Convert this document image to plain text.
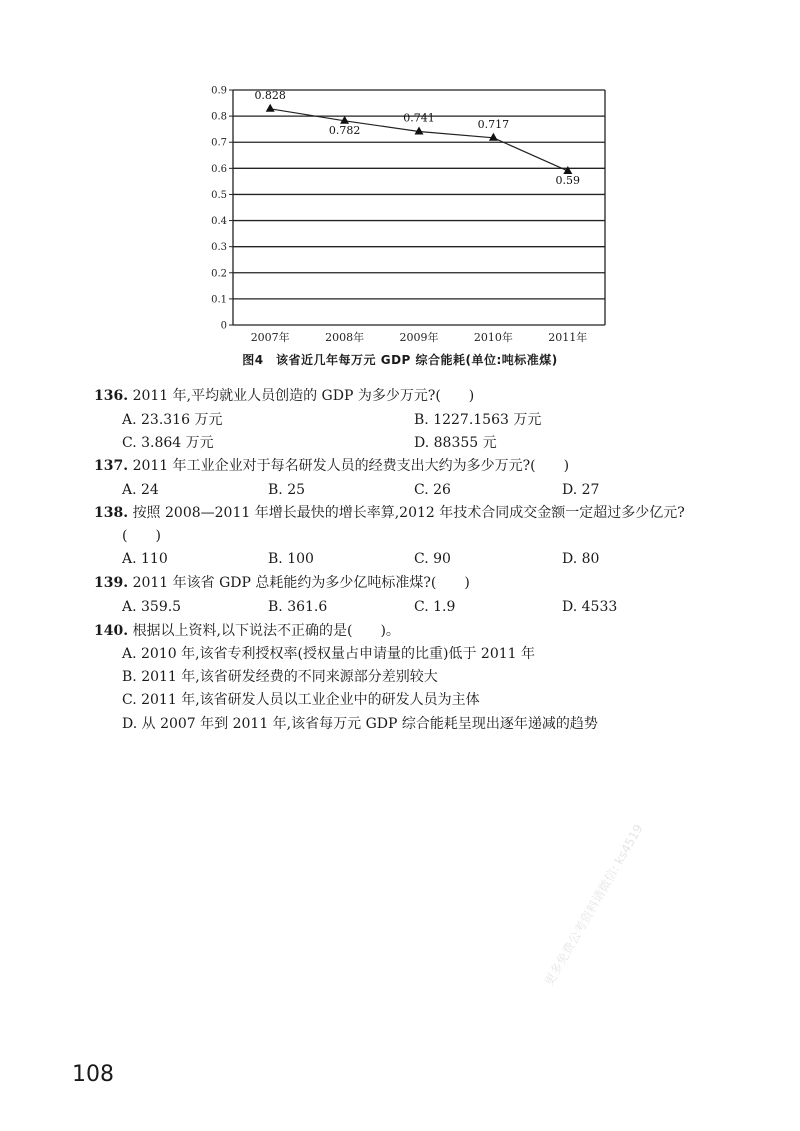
0
0.1
0.2
0.3
0.4
0.5
0.6
0.7
0.8
0.9
2007年	2008年	2009年	2010年	2011年
0.828
0.782
0.741	0.717
0.59
图4　该省近几年每万元 GDP 综合能耗(单位:吨标准煤)
136. 2011 年,平均就业人员创造的 GDP 为多少万元?(　　)
A. 23.316 万元	B. 1227.1563 万元
C. 3.864 万元	D. 88355 元
137. 2011 年工业企业对于每名研发人员的经费支出大约为多少万元?(　　)
A. 24	B. 25	C. 26	D. 27
138. 按照 2008—2011 年增长最快的增长率算,2012 年技术合同成交金额一定超过多少亿元?
(　　)
A. 110	B. 100	C. 90	D. 80
139. 2011 年该省 GDP 总耗能约为多少亿吨标准煤?(　　)
A. 359.5	B. 361.6	C. 1.9	D. 4533
140. 根据以上资料,以下说法不正确的是(　　)。
A. 2010 年,该省专利授权率(授权量占申请量的比重)低于 2011 年
B. 2011 年,该省研发经费的不同来源部分差别较大
C. 2011 年,该省研发人员以工业企业中的研发人员为主体
D. 从 2007 年到 2011 年,该省每万元 GDP 综合能耗呈现出逐年递减的趋势
108
更多免费公考资料请微信: ks4519
